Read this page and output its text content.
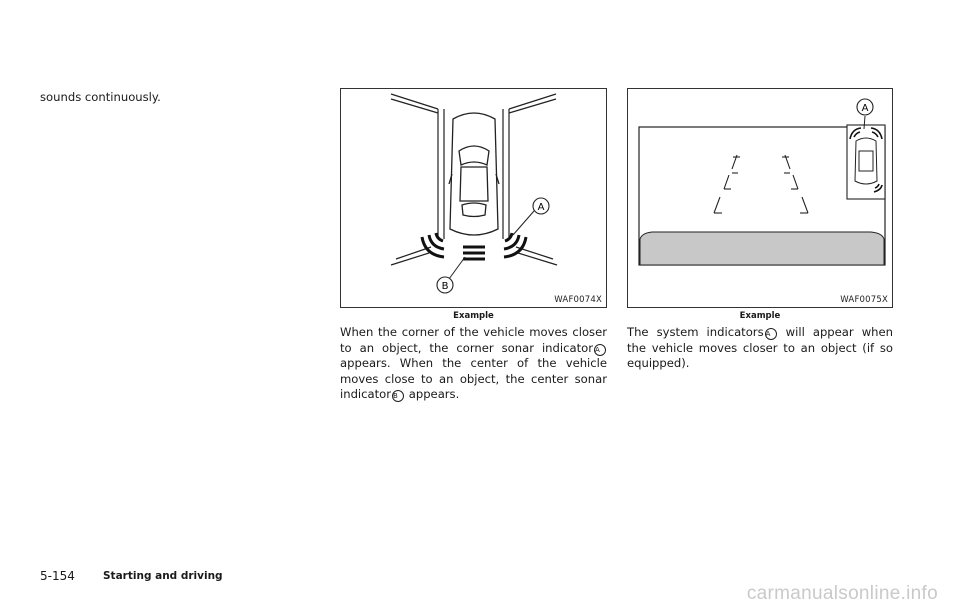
sounds continuously.

A
B
WAF0074X
Example
A
WAF0075X
Example

When the corner of the vehicle moves closer to an object, the corner sonar indicator A appears. When the center of the vehicle moves close to an object, the center sonar indicator B appears.

The system indicators A will appear when the vehicle moves closer to an object (if so equipped).

5-154	Starting and driving
carmanualsonline.info
